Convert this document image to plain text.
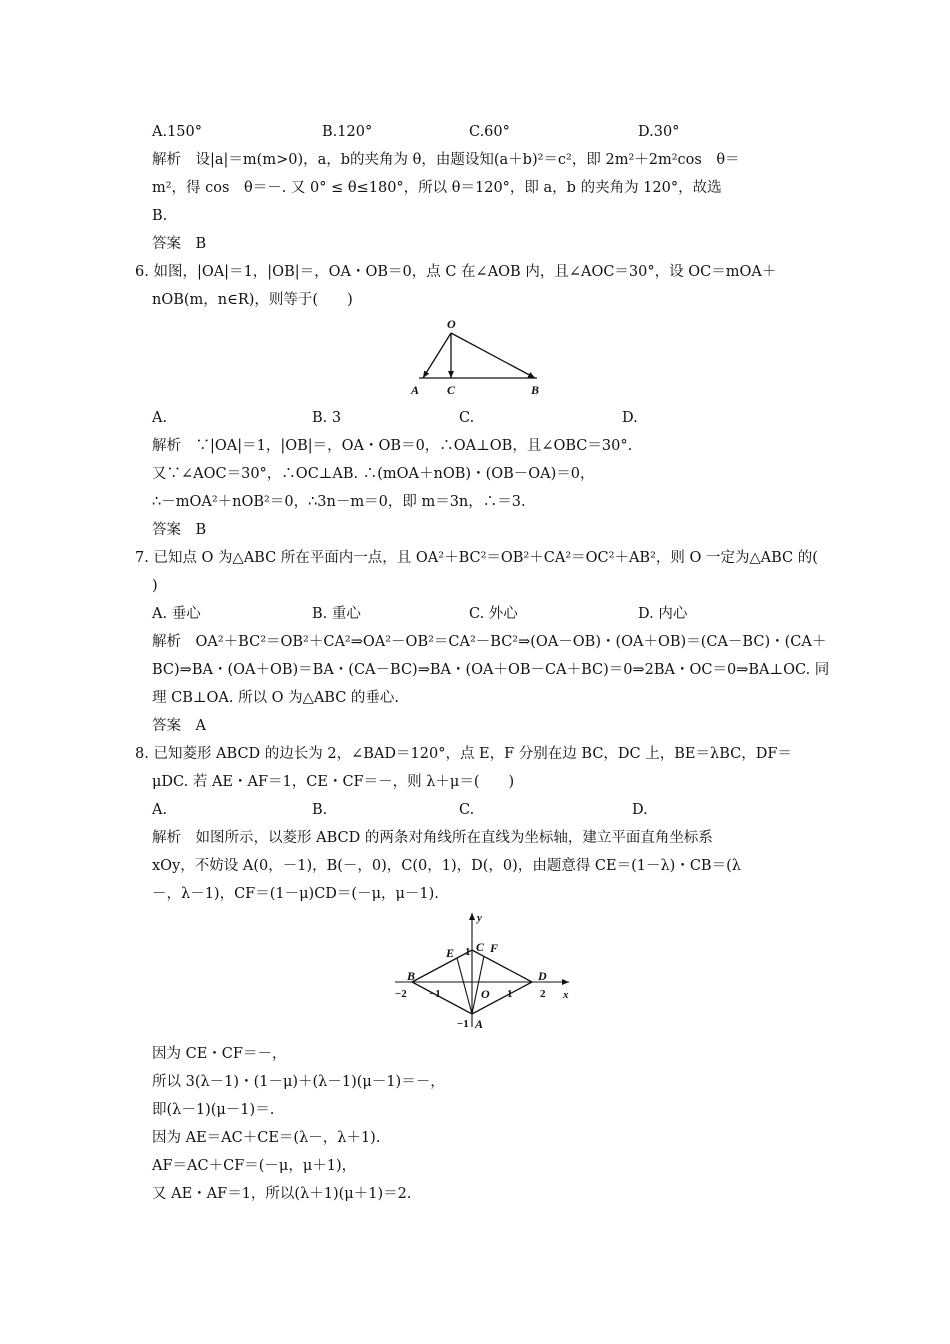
A.150°	B.120°	C.60°	D.30°
解析　设|a|＝m(m>0)，a，b的夹角为 θ，由题设知(a＋b)²＝c²，即 2m²＋2m²cos　θ＝
m²，得 cos　θ＝－. 又 0° ≤ θ≤180°，所以 θ＝120°，即 a，b 的夹角为 120°，故选
B.
答案　B
6. 如图，|OA|＝1，|OB|＝，OA・OB＝0，点 C 在∠AOB 内，且∠AOC＝30°，设 OC＝mOA＋
nOB(m，n∈R)，则等于(　　)
O
A C	B
A.	B. 3	C.	D.
解析　∵|OA|＝1，|OB|＝，OA・OB＝0，∴OA⊥OB，且∠OBC＝30°.
又∵∠AOC＝30°，∴OC⊥AB. ∴(mOA＋nOB)・(OB－OA)＝0，
∴－mOA²＋nOB²＝0，∴3n－m＝0，即 m＝3n，∴＝3.
答案　B
7. 已知点 O 为△ABC 所在平面内一点，且 OA²＋BC²＝OB²＋CA²＝OC²＋AB²，则 O 一定为△ABC 的(
)
A. 垂心	B. 重心	C. 外心	D. 内心
解析　OA²＋BC²＝OB²＋CA²⇒OA²－OB²＝CA²－BC²⇒(OA－OB)・(OA＋OB)＝(CA－BC)・(CA＋
BC)⇒BA・(OA＋OB)＝BA・(CA－BC)⇒BA・(OA＋OB－CA＋BC)＝0⇒2BA・OC＝0⇒BA⊥OC. 同
理 CB⊥OA. 所以 O 为△ABC 的垂心.
答案　A
8. 已知菱形 ABCD 的边长为 2，∠BAD＝120°，点 E，F 分别在边 BC，DC 上，BE＝λBC，DF＝
μDC. 若 AE・AF＝1，CE・CF＝－，则 λ＋μ＝(　　)
A.	B.	C.	D.
解析　如图所示，以菱形 ABCD 的两条对角线所在直线为坐标轴，建立平面直角坐标系
xOy，不妨设 A(0，－1)，B(－，0)，C(0，1)，D(，0)，由题意得 CE＝(1－λ)・CB＝(λ
－，λ－1)，CF＝(1－μ)CD＝(－μ，μ－1).
y
x
B
E C F
D
O
A
−2 −1	1	2
1
−1
因为 CE・CF＝－，
所以 3(λ－1)・(1－μ)＋(λ－1)(μ－1)＝－，
即(λ－1)(μ－1)＝.
因为 AE＝AC＋CE＝(λ－，λ＋1).
AF＝AC＋CF＝(－μ，μ＋1)，
又 AE・AF＝1，所以(λ＋1)(μ＋1)＝2.
